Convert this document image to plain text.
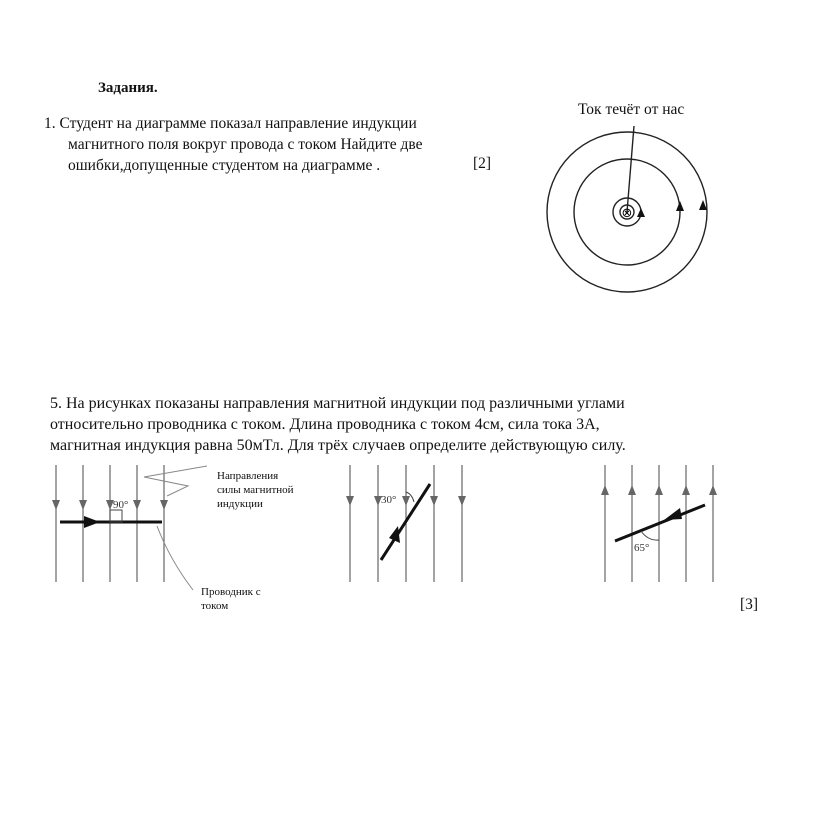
Задания.
1. Студент на диаграмме показал направление индукции
магнитного поля вокруг провода с током Найдите две
ошибки,допущенные студентом на диаграмме .	[2]
Ток течёт от нас
⊗
5. На рисунках показаны направления магнитной индукции под различными углами
относительно проводника с током. Длина проводника с током 4см, сила тока 3А,
магнитная индукция равна 50мТл. Для трёх случаев определите действующую силу.
Направления
силы магнитной
индукции
Проводник с
током	[3]
90°	30°
65°
